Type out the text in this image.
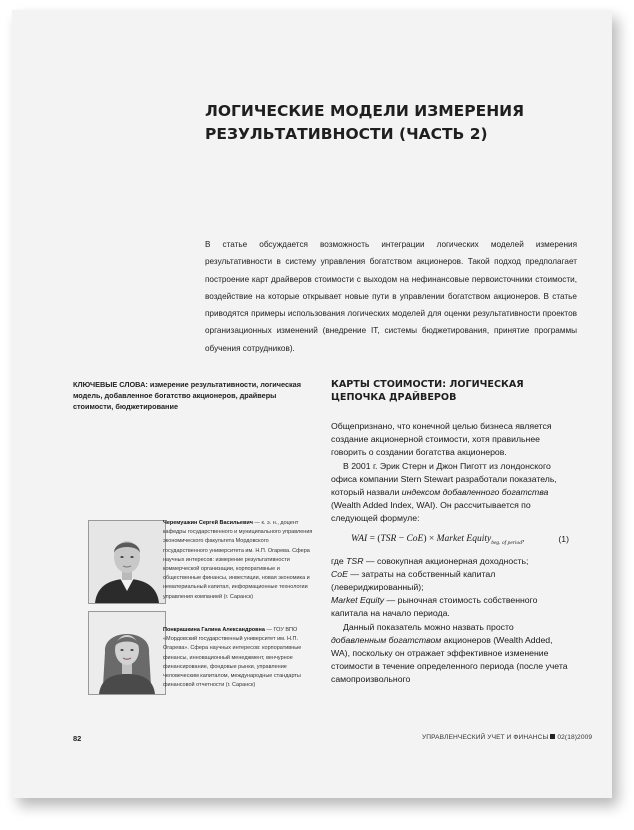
ЛОГИЧЕСКИЕ МОДЕЛИ ИЗМЕРЕНИЯ
РЕЗУЛЬТАТИВНОСТИ (ЧАСТЬ 2)

В статье обсуждается возможность интеграции логических моделей измерения результативности в систему управления богатством акционеров. Такой подход предполагает построение карт драйверов стоимости с выходом на нефинансовые первоисточники стоимости, воздействие на которые открывает новые пути в управлении богатством акционеров. В статье приводятся примеры использования логических моделей для оценки результативности проектов организационных изменений (внедрение IT, системы бюджетирования, принятие программы обучения сотрудников).

КЛЮЧЕВЫЕ СЛОВА: измерение результативности, логическая модель, добавленное богатство акционеров, драйверы стоимости, бюджетирование

Черемушкин Сергей Васильевич — к. э. н., доцент кафедры государственного и муниципального управления экономического факультета Мордовского государственного университета им. Н.П. Огарева. Сфера научных интересов: измерение результативности коммерческой организации, корпоративные и общественные финансы, инвестиции, новая экономика и нематериальный капитал, информационные технологии управления компанией (г. Саранск)

Понкрашкина Галина Александровна — ГОУ ВПО «Мордовский государственный университет им. Н.П. Огарева». Сфера научных интересов: корпоративные финансы, инновационный менеджмент, венчурное финансирование, фондовые рынки, управление человеческим капиталом, международные стандарты финансовой отчетности (г. Саранск)

КАРТЫ СТОИМОСТИ: ЛОГИЧЕСКАЯ
ЦЕПОЧКА ДРАЙВЕРОВ

Общепризнано, что конечной целью бизнеса является создание акционерной стоимости, хотя правильнее говорить о создании богатства акционеров.

В 2001 г. Эрик Стерн и Джон Пиготт из лондонского офиса компании Stern Stewart разработали показатель, который назвали индексом добавленного богатства (Wealth Added Index, WAI). Он рассчитывается по следующей формуле:

WAI = (TSR − CoE) × Market Equity$_{beg. of period}$,	(1)

где TSR — совокупная акционерная доходность;

CoE — затраты на собственный капитал (левериджированный);

Market Equity — рыночная стоимость собственного капитала на начало периода.

Данный показатель можно назвать просто добавленным богатством акционеров (Wealth Added, WA), поскольку он отражает эффективное изменение стоимости в течение определенного периода (после учета самопроизвольного

82	УПРАВЛЕНЧЕСКИЙ УЧЕТ И ФИНАНСЫ 02(18)2009
